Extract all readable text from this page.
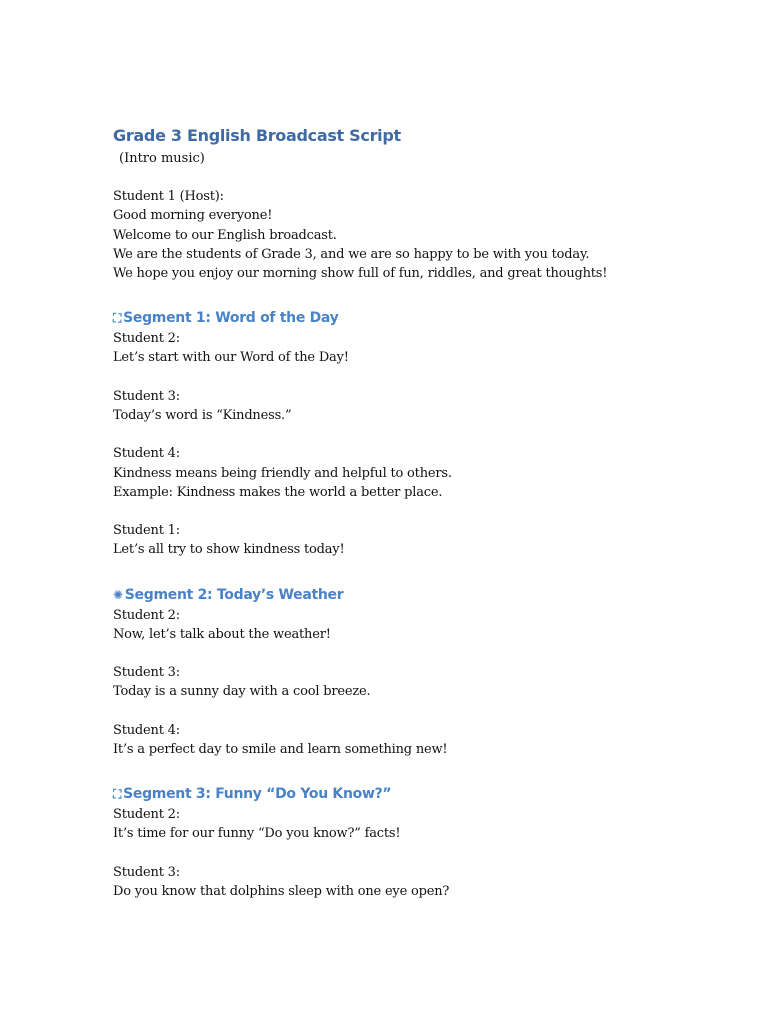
Grade 3 English Broadcast Script

(Intro music)

Student 1 (Host):
Good morning everyone!
Welcome to our English broadcast.
We are the students of Grade 3, and we are so happy to be with you today.
We hope you enjoy our morning show full of fun, riddles, and great thoughts!
⛶ Segment 1: Word of the Day
Student 2:
Let’s start with our Word of the Day!
Student 3:
Today’s word is “Kindness.”
Student 4:
Kindness means being friendly and helpful to others.
Example: Kindness makes the world a better place.
Student 1:
Let’s all try to show kindness today!
✺ Segment 2: Today’s Weather
Student 2:
Now, let’s talk about the weather!
Student 3:
Today is a sunny day with a cool breeze.
Student 4:
It’s a perfect day to smile and learn something new!
⛶ Segment 3: Funny “Do You Know?”
Student 2:
It’s time for our funny “Do you know?” facts!
Student 3:
Do you know that dolphins sleep with one eye open?
